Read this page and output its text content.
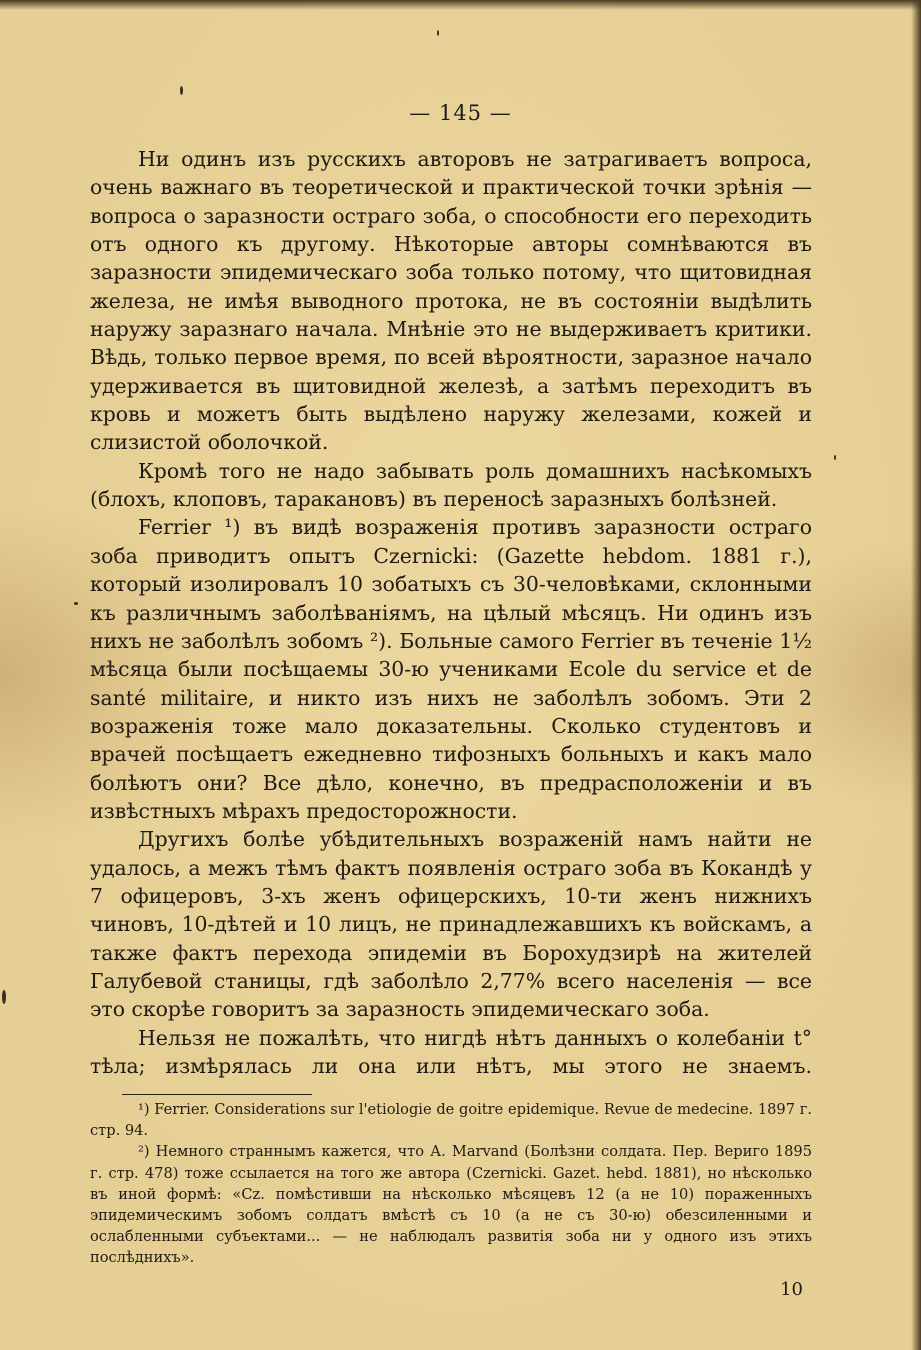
— 145 —

Ни одинъ изъ русскихъ авторовъ не затрагиваетъ вопроса, очень важнаго въ теоретической и практической точки зрѣнія — вопроса о заразности остраго зоба, о способности его переходить отъ одного къ другому. Нѣкоторые авторы сомнѣваются въ заразности эпидемическаго зоба только потому, что щитовидная железа, не имѣя выводного протока, не въ состояніи выдѣлить наружу заразнаго начала. Мнѣніе это не выдерживаетъ критики. Вѣдь, только первое время, по всей вѣроятности, заразное начало удерживается въ щитовидной железѣ, а затѣмъ переходитъ въ кровь и можетъ быть выдѣлено наружу железами, кожей и слизистой оболочкой.

Кромѣ того не надо забывать роль домашнихъ насѣкомыхъ (блохъ, клоповъ, таракановъ) въ переносѣ заразныхъ болѣзней.

Ferrier ¹) въ видѣ возраженія противъ заразности остраго зоба приводитъ опытъ Czernicki: (Gazette hebdom. 1881 г.), который изолировалъ 10 зобатыхъ съ 30-человѣками, склонными къ различнымъ заболѣваніямъ, на цѣлый мѣсяцъ. Ни одинъ изъ нихъ не заболѣлъ зобомъ ²). Больные самого Ferrier въ теченіе 1½ мѣсяца были посѣщаемы 30-ю учениками Ecole du service et de santé militaire, и никто изъ нихъ не заболѣлъ зобомъ. Эти 2 возраженія тоже мало доказательны. Сколько студентовъ и врачей посѣщаетъ ежедневно тифозныхъ больныхъ и какъ мало болѣютъ они? Все дѣло, конечно, въ предрасположеніи и въ извѣстныхъ мѣрахъ предосторожности.

Другихъ болѣе убѣдительныхъ возраженій намъ найти не удалось, а межъ тѣмъ фактъ появленія остраго зоба въ Кокандѣ у 7 офицеровъ, 3-хъ женъ офицерскихъ, 10-ти женъ нижнихъ чиновъ, 10-дѣтей и 10 лицъ, не принадлежавшихъ къ войскамъ, а также фактъ перехода эпидеміи въ Борохудзирѣ на жителей Галубевой станицы, гдѣ заболѣло 2,77% всего населенія — все это скорѣе говоритъ за заразность эпидемическаго зоба.

Нельзя не пожалѣть, что нигдѣ нѣтъ данныхъ о колебаніи t° тѣла; измѣрялась ли она или нѣтъ, мы этого не знаемъ.

¹) Ferrier. Considerations sur l'etiologie de goitre epidemique. Revue de medecine. 1897 г. стр. 94.

²) Немного страннымъ кажется, что А. Marvand (Болѣзни солдата. Пер. Веригo 1895 г. стр. 478) тоже ссылается на того же автора (Czernicki. Gazet. hebd. 1881), но нѣсколько въ иной формѣ: «Cz. помѣстивши на нѣсколько мѣсяцевъ 12 (а не 10) пораженныхъ эпидемическимъ зобомъ солдатъ вмѣстѣ съ 10 (а не съ 30-ю) обезсиленными и ослабленными субъектами... — не наблюдалъ развитія зоба ни у одного изъ этихъ послѣднихъ».

10
